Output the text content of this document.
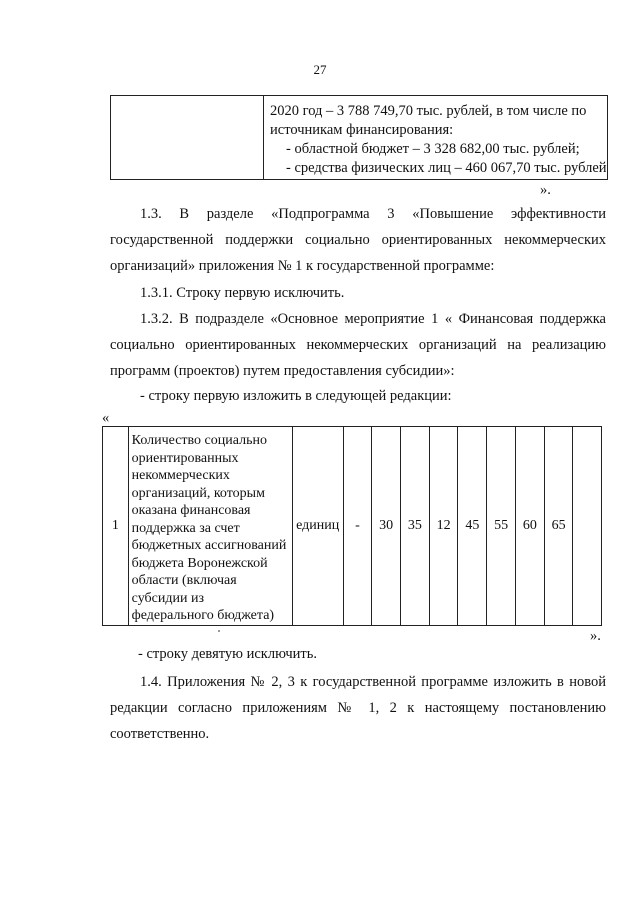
27

2020 год – 3 788 749,70 тыс. рублей, в том числе по
источникам финансирования:
- областной бюджет – 3 328 682,00 тыс. рублей;
- средства физических лиц – 460 067,70 тыс. рублей
».
1.3. В разделе «Подпрограмма 3 «Повышение эффективности государственной поддержки социально ориентированных некоммерческих организаций» приложения № 1 к государственной программе:
1.3.1. Строку первую исключить.
1.3.2. В подразделе «Основное мероприятие 1 « Финансовая поддержка социально ориентированных некоммерческих организаций на реализацию программ (проектов) путем предоставления субсидии»:
- строку первую изложить в следующей редакции:
«
1	Количество социально ориентированных некоммерческих организаций, которым оказана финансовая поддержка за счет бюджетных ассигнований бюджета Воронежской области (включая субсидии из федерального бюджета)	единиц	-	30	35	12	45	55	60	65	
».
- строку девятую исключить.
1.4. Приложения № 2, 3 к государственной программе изложить в новой редакции согласно приложениям № 1, 2 к настоящему постановлению соответственно.
